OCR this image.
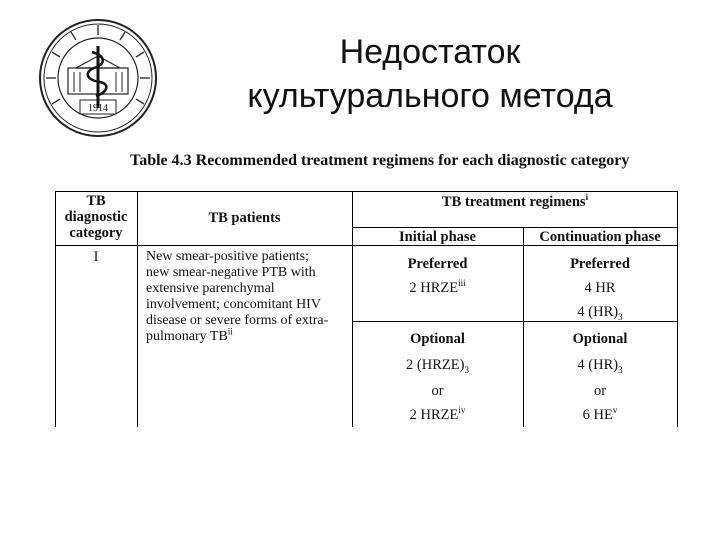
1914
Недостаток
культурального метода
Table 4.3 Recommended treatment regimens for each diagnostic category
TB
diagnostic
category
TB patients
TB treatment regimens$^i$
Initial phase	Continuation phase
I	New smear-positive patients;
new smear-negative PTB with
extensive parenchymal
involvement; concomitant HIV
disease or severe forms of extra-
pulmonary TB$^{ii}$
Preferred
2 HRZE$^{iii}$
Preferred
4 HR
4 $(HR)_3$
Optional
2 $(HRZE)_3$
or
2 HRZE$^{iv}$
Optional
4 $(HR)_3$
or
6 $HE^v$
